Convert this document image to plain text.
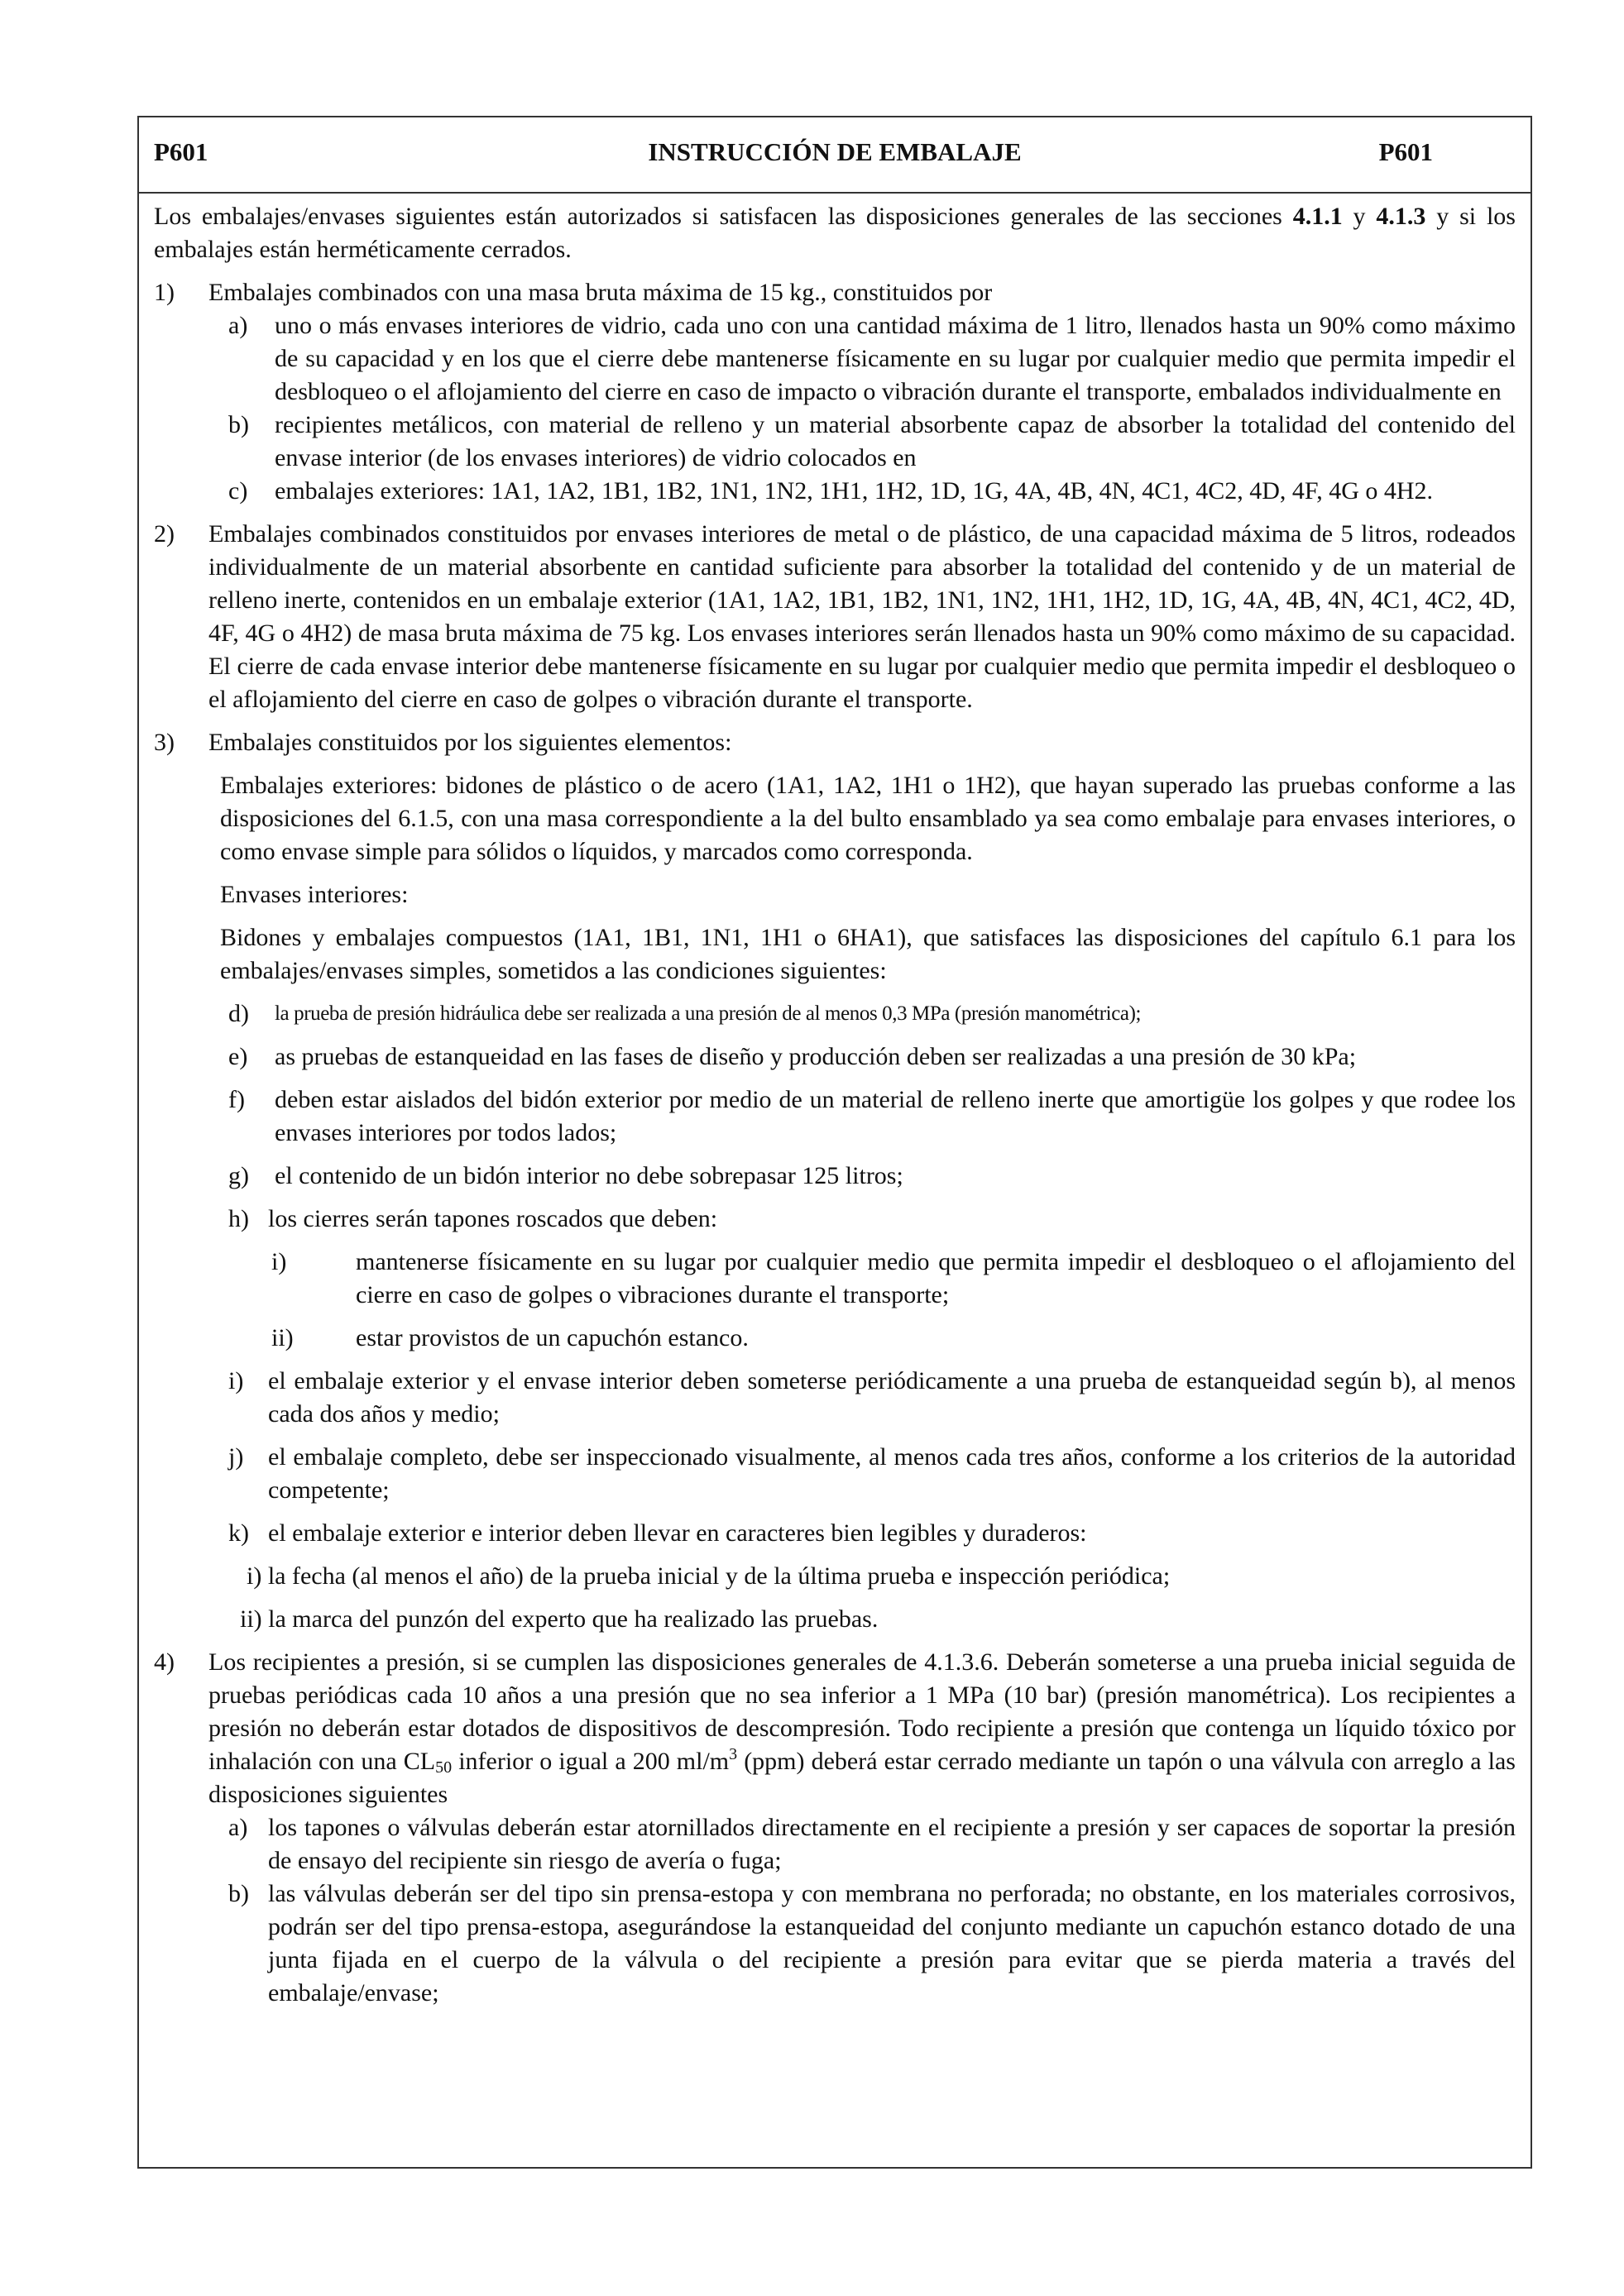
P601	INSTRUCCIÓN DE EMBALAJE	P601

Los embalajes/envases siguientes están autorizados si satisfacen las disposiciones generales de las secciones 4.1.1 y 4.1.3 y si los embalajes están herméticamente cerrados.

1)	Embalajes combinados con una masa bruta máxima de 15 kg., constituidos por

a)	uno o más envases interiores de vidrio, cada uno con una cantidad máxima de 1 litro, llenados hasta un 90% como máximo de su capacidad y en los que el cierre debe mantenerse físicamente en su lugar por cualquier medio que permita impedir el desbloqueo o el aflojamiento del cierre en caso de impacto o vibración durante el transporte, embalados individualmente en

b)	recipientes metálicos, con material de relleno y un material absorbente capaz de absorber la totalidad del contenido del envase interior (de los envases interiores) de vidrio colocados en

c)	embalajes exteriores: 1A1, 1A2, 1B1, 1B2, 1N1, 1N2, 1H1, 1H2, 1D, 1G, 4A, 4B, 4N, 4C1, 4C2, 4D, 4F, 4G o 4H2.

2)	Embalajes combinados constituidos por envases interiores de metal o de plástico, de una capacidad máxima de 5 litros, rodeados individualmente de un material absorbente en cantidad suficiente para absorber la totalidad del contenido y de un material de relleno inerte, contenidos en un embalaje exterior (1A1, 1A2, 1B1, 1B2, 1N1, 1N2, 1H1, 1H2, 1D, 1G, 4A, 4B, 4N, 4C1, 4C2, 4D, 4F, 4G o 4H2) de masa bruta máxima de 75 kg. Los envases interiores serán llenados hasta un 90% como máximo de su capacidad. El cierre de cada envase interior debe mantenerse físicamente en su lugar por cualquier medio que permita impedir el desbloqueo o el aflojamiento del cierre en caso de golpes o vibración durante el transporte.

3)	Embalajes constituidos por los siguientes elementos:

Embalajes exteriores: bidones de plástico o de acero (1A1, 1A2, 1H1 o 1H2), que hayan superado las pruebas conforme a las disposiciones del 6.1.5, con una masa correspondiente a la del bulto ensamblado ya sea como embalaje para envases interiores, o como envase simple para sólidos o líquidos, y marcados como corresponda.

Envases interiores:

Bidones y embalajes compuestos (1A1, 1B1, 1N1, 1H1 o 6HA1), que satisfaces las disposiciones del capítulo 6.1 para los embalajes/envases simples, sometidos a las condiciones siguientes:

d)	la prueba de presión hidráulica debe ser realizada a una presión de al menos 0,3 MPa (presión manométrica);

e)	as pruebas de estanqueidad en las fases de diseño y producción deben ser realizadas a una presión de 30 kPa;

f)	deben estar aislados del bidón exterior por medio de un material de relleno inerte que amortigüe los golpes y que rodee los envases interiores por todos lados;

g)	el contenido de un bidón interior no debe sobrepasar 125 litros;

h) los cierres serán tapones roscados que deben:

i)	mantenerse físicamente en su lugar por cualquier medio que permita impedir el desbloqueo o el aflojamiento del cierre en caso de golpes o vibraciones durante el transporte;

ii)	estar provistos de un capuchón estanco.

i) el embalaje exterior y el envase interior deben someterse periódicamente a una prueba de estanqueidad según b), al menos cada dos años y medio;

j) el embalaje completo, debe ser inspeccionado visualmente, al menos cada tres años, conforme a los criterios de la autoridad competente;

k) el embalaje exterior e interior deben llevar en caracteres bien legibles y duraderos:

i) la fecha (al menos el año) de la prueba inicial y de la última prueba e inspección periódica;

ii) la marca del punzón del experto que ha realizado las pruebas.

4)	Los recipientes a presión, si se cumplen las disposiciones generales de 4.1.3.6. Deberán someterse a una prueba inicial seguida de pruebas periódicas cada 10 años a una presión que no sea inferior a 1 MPa (10 bar) (presión manométrica). Los recipientes a presión no deberán estar dotados de dispositivos de descompresión. Todo recipiente a presión que contenga un líquido tóxico por inhalación con una $CL_{50}$ inferior o igual a 200 $ml/m^3$ (ppm) deberá estar cerrado mediante un tapón o una válvula con arreglo a las disposiciones siguientes

a) los tapones o válvulas deberán estar atornillados directamente en el recipiente a presión y ser capaces de soportar la presión de ensayo del recipiente sin riesgo de avería o fuga;

b) las válvulas deberán ser del tipo sin prensa-estopa y con membrana no perforada; no obstante, en los materiales corrosivos, podrán ser del tipo prensa-estopa, asegurándose la estanqueidad del conjunto mediante un capuchón estanco dotado de una junta fijada en el cuerpo de la válvula o del recipiente a presión para evitar que se pierda materia a través del embalaje/envase;
